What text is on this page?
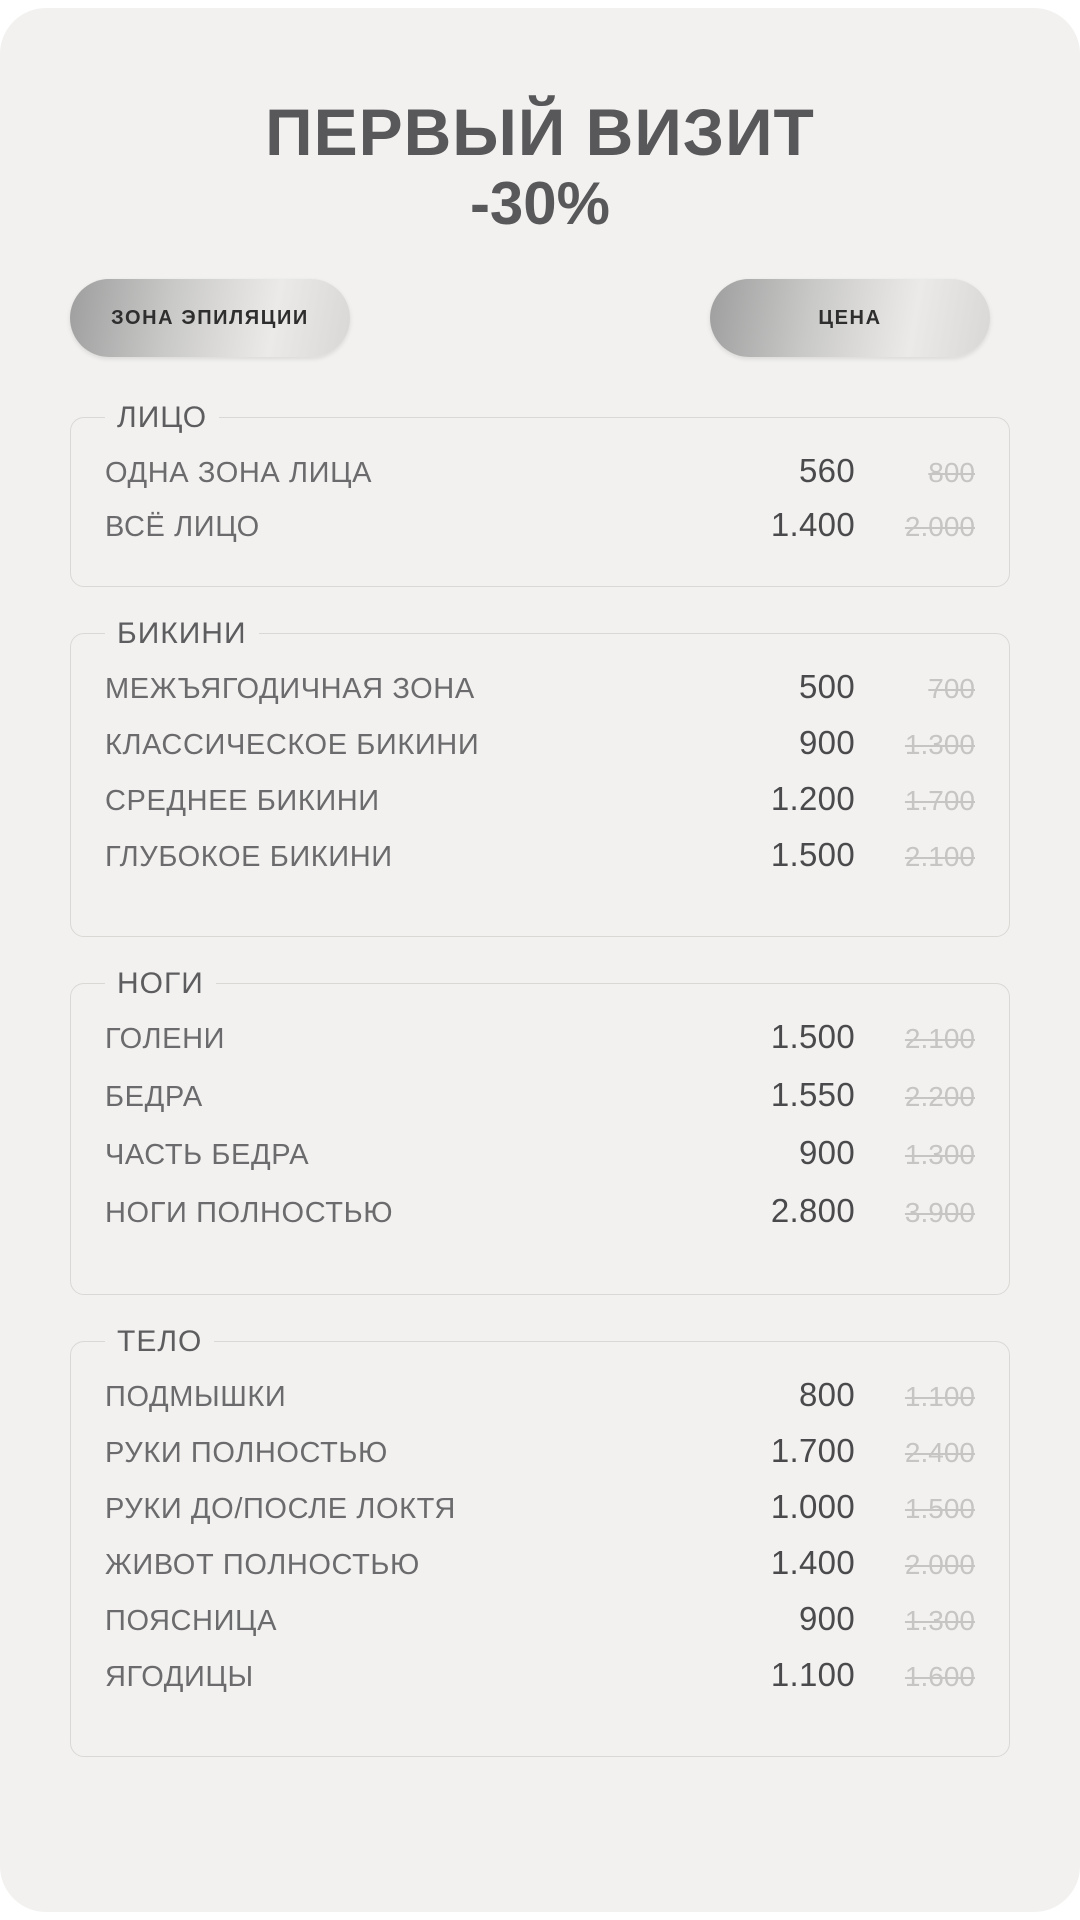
ПЕРВЫЙ ВИЗИТ
-30%
ЗОНА ЭПИЛЯЦИИ	ЦЕНА
ЛИЦО
ОДНА ЗОНА ЛИЦА	560	800
ВСЁ ЛИЦО	1.400	2.000
БИКИНИ
МЕЖЪЯГОДИЧНАЯ ЗОНА	500	700
КЛАССИЧЕСКОЕ БИКИНИ	900	1.300
СРЕДНЕЕ БИКИНИ	1.200	1.700
ГЛУБОКОЕ БИКИНИ	1.500	2.100
НОГИ
ГОЛЕНИ	1.500	2.100
БЕДРА	1.550	2.200
ЧАСТЬ БЕДРА	900	1.300
НОГИ ПОЛНОСТЬЮ	2.800	3.900
ТЕЛО
ПОДМЫШКИ	800	1.100
РУКИ ПОЛНОСТЬЮ	1.700	2.400
РУКИ ДО/ПОСЛЕ ЛОКТЯ	1.000	1.500
ЖИВОТ ПОЛНОСТЬЮ	1.400	2.000
ПОЯСНИЦА	900	1.300
ЯГОДИЦЫ	1.100	1.600
